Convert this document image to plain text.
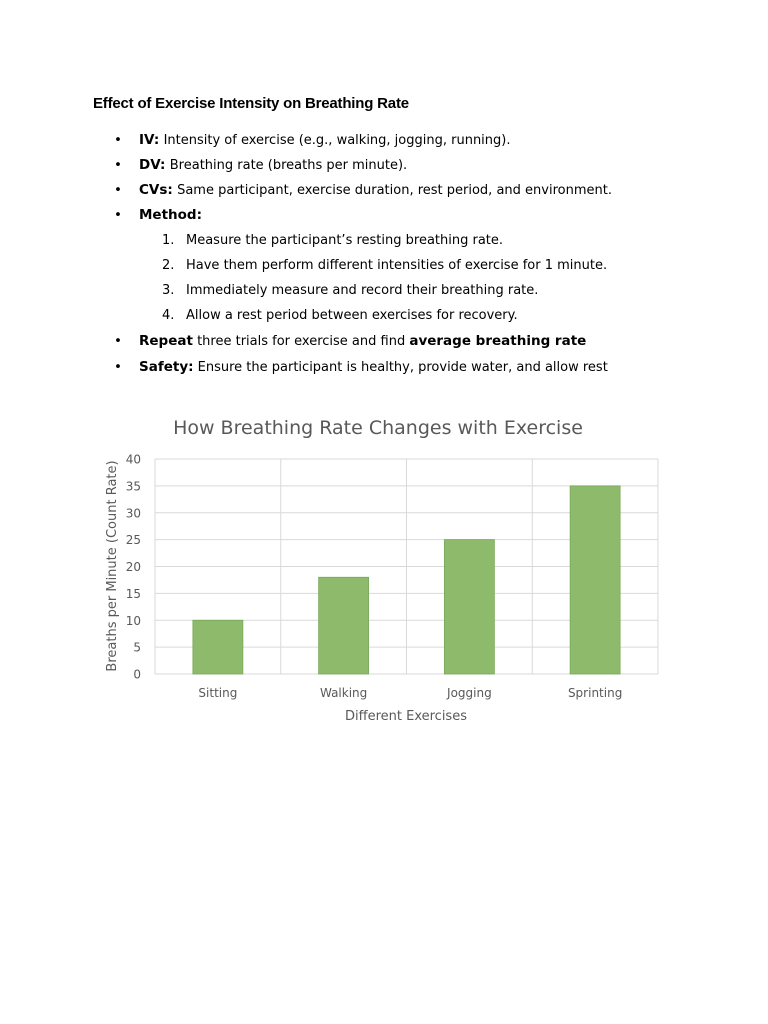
Effect of Exercise Intensity on Breathing Rate
•	IV: Intensity of exercise (e.g., walking, jogging, running).
•	DV: Breathing rate (breaths per minute).
•	CVs: Same participant, exercise duration, rest period, and environment.
•	Method:
1. Measure the participant’s resting breathing rate.
2. Have them perform different intensities of exercise for 1 minute.
3. Immediately measure and record their breathing rate.
4. Allow a rest period between exercises for recovery.
•	Repeat three trials for exercise and find average breathing rate
•	Safety: Ensure the participant is healthy, provide water, and allow rest
How Breathing Rate Changes with Exercise
0
5
10
15
20
25
30
35
40
Sitting	Walking	Jogging	Sprinting
Different Exercises
Breaths per Minute (Count Rate)
